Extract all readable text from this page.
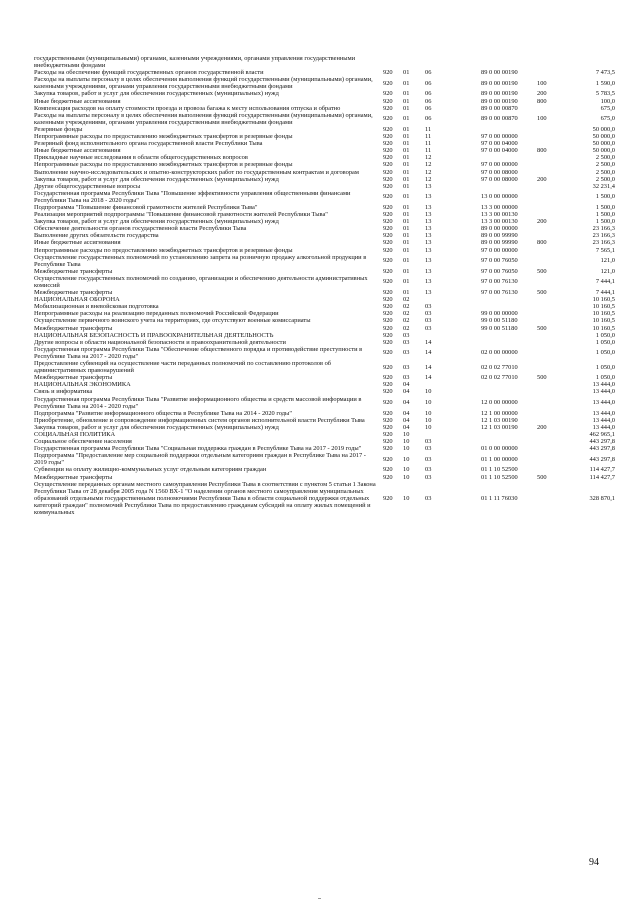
государственными (муниципальными) органами, казенными учреждениями, органами управления государственными внебюджетными фондами						
Расходы на обеспечение функций государственных органов государственной власти	920	01	06	89 0 00 00190		7 473,5
Расходы на выплаты персоналу в целях обеспечения выполнения функций государственными (муниципальными) органами, казенными учреждениями, органами управления государственными внебюджетными фондами	920	01	06	89 0 00 00190	100	1 590,0
Закупка товаров, работ и услуг для обеспечения государственных (муниципальных) нужд	920	01	06	89 0 00 00190	200	5 783,5
Иные бюджетные ассигнования	920	01	06	89 0 00 00190	800	100,0
Компенсация расходов на оплату стоимости проезда и провоза багажа к месту использования отпуска и обратно	920	01	06	89 0 00 00870		675,0
Расходы на выплаты персоналу в целях обеспечения выполнения функций государственными (муниципальными) органами, казенными учреждениями, органами управления государственными внебюджетными фондами	920	01	06	89 0 00 00870	100	675,0
Резервные фонды	920	01	11			50 000,0
Непрограммные расходы по предоставлению межбюджетных трансфертов и резервные фонды	920	01	11	97 0 00 00000		50 000,0
Резервный фонд исполнительного органа государственной власти Республики Тыва	920	01	11	97 0 00 04000		50 000,0
Иные бюджетные ассигнования	920	01	11	97 0 00 04000	800	50 000,0
Прикладные научные исследования в области общегосударственных вопросов	920	01	12			2 500,0
Непрограммные расходы по предоставлению межбюджетных трансфертов и резервные фонды	920	01	12	97 0 00 00000		2 500,0
Выполнение научно-исследовательских и опытно-конструкторских работ по государственным контрактам и договорам	920	01	12	97 0 00 08000		2 500,0
Закупка товаров, работ и услуг для обеспечения государственных (муниципальных) нужд	920	01	12	97 0 00 08000	200	2 500,0
Другие общегосударственные вопросы	920	01	13			32 231,4
Государственная программа Республики Тыва "Повышение эффективности управления общественными финансами Республики Тыва на 2018 - 2020 годы"	920	01	13	13 0 00 00000		1 500,0
Подпрограмма "Повышение финансовой грамотности жителей Республики Тыва"	920	01	13	13 3 00 00000		1 500,0
Реализация мероприятий подпрограммы "Повышение финансовой грамотности жителей Республики Тыва"	920	01	13	13 3 00 00130		1 500,0
Закупка товаров, работ и услуг для обеспечения государственных (муниципальных) нужд	920	01	13	13 3 00 00130	200	1 500,0
Обеспечение деятельности органов государственной власти Республики Тыва	920	01	13	89 0 00 00000		23 166,3
Выполнение других обязательств государства	920	01	13	89 0 00 99990		23 166,3
Иные бюджетные ассигнования	920	01	13	89 0 00 99990	800	23 166,3
Непрограммные расходы по предоставлению межбюджетных трансфертов и резервные фонды	920	01	13	97 0 00 00000		7 565,1
Осуществление государственных полномочий по установлению запрета на розничную продажу алкогольной продукции в Республике Тыва	920	01	13	97 0 00 76050		121,0
Межбюджетные трансферты	920	01	13	97 0 00 76050	500	121,0
Осуществление государственных полномочий по созданию, организации и обеспечению деятельности административных комиссий	920	01	13	97 0 00 76130		7 444,1
Межбюджетные трансферты	920	01	13	97 0 00 76130	500	7 444,1
НАЦИОНАЛЬНАЯ ОБОРОНА	920	02				10 160,5
Мобилизационная и вневойсковая подготовка	920	02	03			10 160,5
Непрограммные расходы на реализацию переданных полномочий Российской Федерации	920	02	03	99 0 00 00000		10 160,5
Осуществление первичного воинского учета на территориях, где отсутствуют военные комиссариаты	920	02	03	99 0 00 51180		10 160,5
Межбюджетные трансферты	920	02	03	99 0 00 51180	500	10 160,5
НАЦИОНАЛЬНАЯ БЕЗОПАСНОСТЬ И ПРАВООХРАНИТЕЛЬНАЯ ДЕЯТЕЛЬНОСТЬ	920	03				1 050,0
Другие вопросы в области национальной безопасности и правоохранительной деятельности	920	03	14			1 050,0
Государственная программа Республики Тыва "Обеспечение общественного порядка и противодействие преступности в Республике Тыва на 2017 - 2020 годы"	920	03	14	02 0 00 00000		1 050,0
Предоставление субвенций на осуществление части переданных полномочий по составлению протоколов об административных правонарушений	920	03	14	02 0 02 77010		1 050,0
Межбюджетные трансферты	920	03	14	02 0 02 77010	500	1 050,0
НАЦИОНАЛЬНАЯ ЭКОНОМИКА	920	04				13 444,0
Связь и информатика	920	04	10			13 444,0
Государственная программа Республики Тыва "Развитие информационного общества и средств массовой информации в Республике Тыва на 2014 - 2020 годы"	920	04	10	12 0 00 00000		13 444,0
Подпрограмма "Развитие информационного общества в Республике Тыва на 2014 - 2020 годы"	920	04	10	12 1 00 00000		13 444,0
Приобретение, обновление и сопровождение информационных систем органов исполнительной власти Республики Тыва	920	04	10	12 1 03 00190		13 444,0
Закупка товаров, работ и услуг для обеспечения государственных (муниципальных) нужд	920	04	10	12 1 03 00190	200	13 444,0
СОЦИАЛЬНАЯ ПОЛИТИКА	920	10				462 965,1
Социальное обеспечение населения	920	10	03			443 297,8
Государственная программа Республики Тыва "Социальная поддержка граждан в Республике Тыва на 2017 - 2019 годы"	920	10	03	01 0 00 00000		443 297,8
Подпрограмма "Предоставление мер социальной поддержки отдельным категориям граждан в Республике Тыва на 2017 - 2019 годы"	920	10	03	01 1 00 00000		443 297,8
Субвенции на оплату жилищно-коммунальных услуг отдельным категориям граждан	920	10	03	01 1 10 52500		114 427,7
Межбюджетные трансферты	920	10	03	01 1 10 52500	500	114 427,7
Осуществление переданных органам местного самоуправления Республики Тыва в соответствии с пунктом 5 статьи 1 Закона Республики Тыва от 28 декабря 2005 года N 1560 ВХ-1 "О наделении органов местного самоуправления муниципальных образований отдельными государственными полномочиями Республики Тыва в области социальной поддержки отдельных категорий граждан" полномочий Республики Тыва по предоставлению гражданам субсидий на оплату жилых помещений и коммунальных	920	10	03	01 1 11 76030		328 870,1
94
